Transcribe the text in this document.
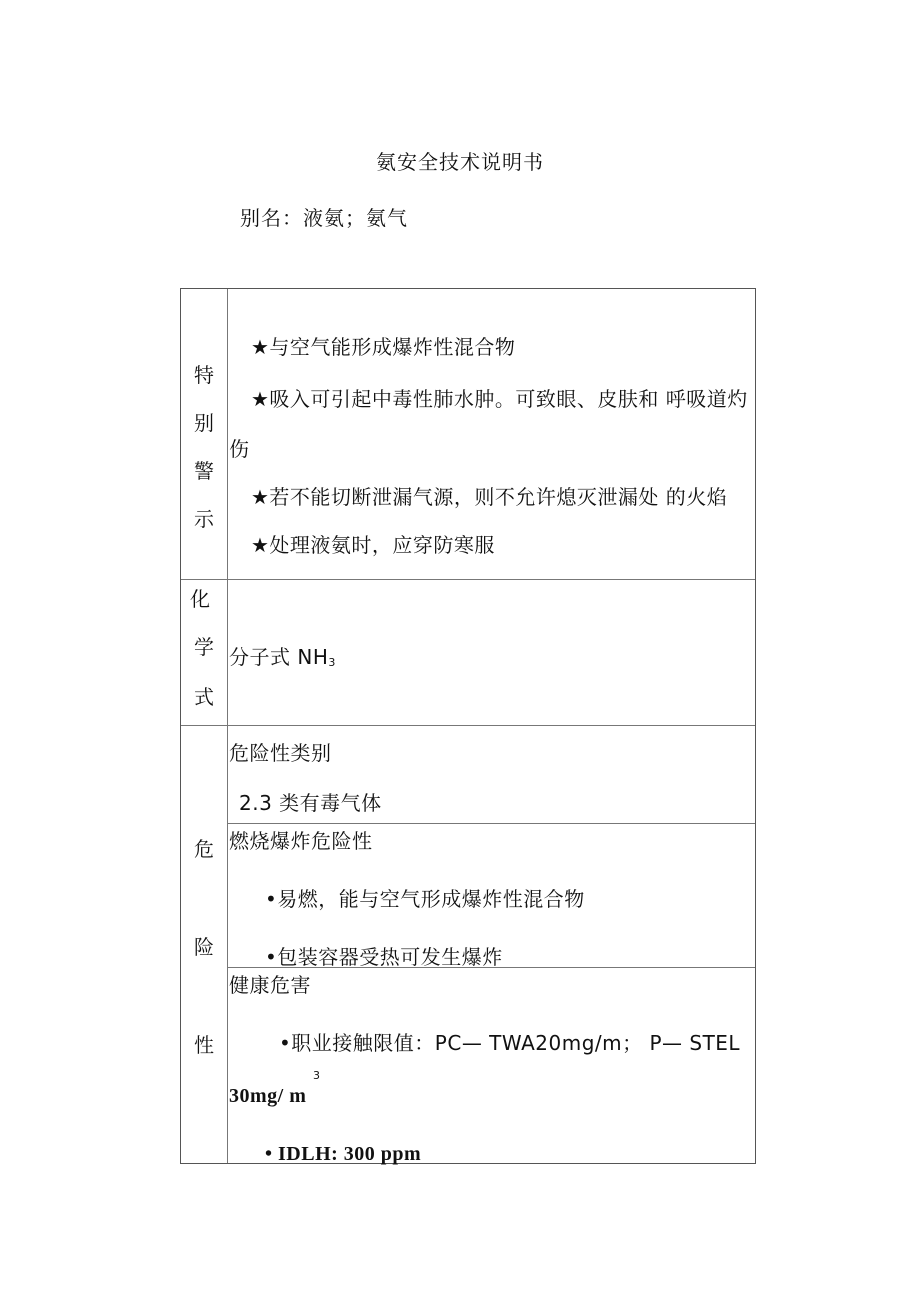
氨安全技术说明书
别名：液氨；氨气
特
别
警
示
★与空气能形成爆炸性混合物
★吸入可引起中毒性肺水肿。可致眼、皮肤和 呼吸道灼
伤
★若不能切断泄漏气源，则不允许熄灭泄漏处 的火焰
★处理液氨时，应穿防寒服
化
学
式
分子式 $NH_3$
危
险
性
危险性类别
2.3 类有毒气体
燃烧爆炸危险性
•易燃，能与空气形成爆炸性混合物
•包装容器受热可发生爆炸
健康危害
•职业接触限值：PC— TWA20mg/m； P— STEL
30mg/ m
3
• IDLH: 300 ppm
